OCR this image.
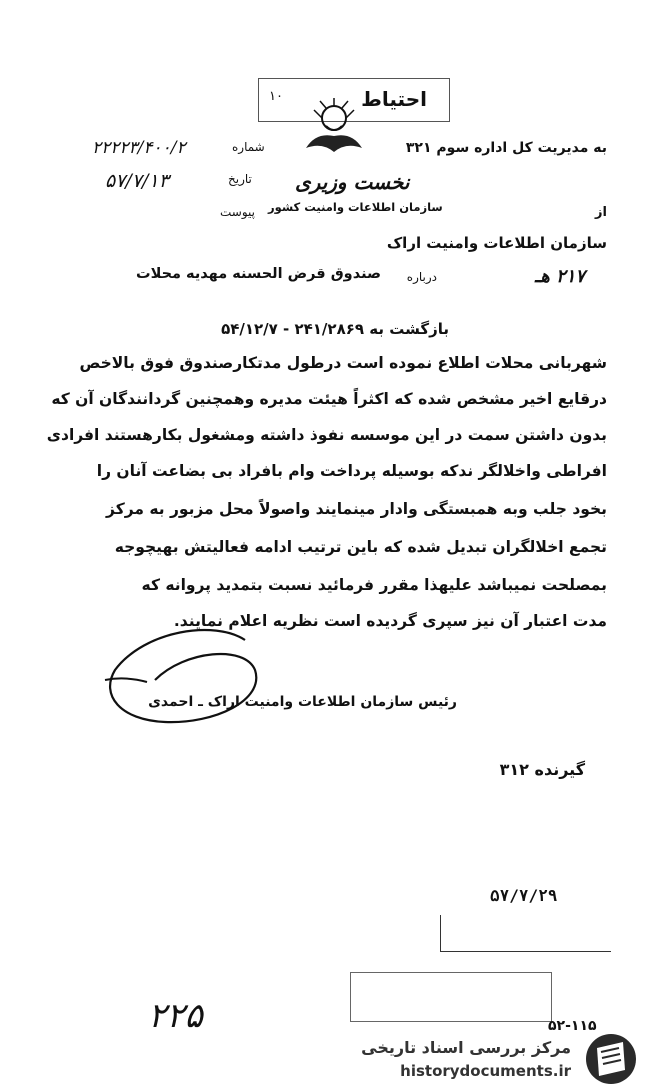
احتیاط
۱۰
به مدیریت کل اداره سوم ۳۲۱
نخست وزیری
سازمان اطلاعات وامنیت کشور
شماره
۲۲۲۲۳/۴۰۰/۲
تاریخ
۵۷/۷/۱۳
پیوست	از
سازمان اطلاعات وامنیت اراک
۲۱۷ هـ
درباره
صندوق قرض الحسنه مهدیه محلات
بازگشت به ۲۴۱/۲۸۶۹ - ۵۴/۱۲/۷
شهربانی محلات اطلاع نموده است درطول مدتکارصندوق فوق بالاخص
درقایع اخیر مشخص شده که اکثراً هیئت مدیره وهمچنین گردانندگان آن که
بدون داشتن سمت در این موسسه نفوذ داشته ومشغول بکارهستند افرادی
افراطی واخلالگر ندکه بوسیله پرداخت وام بافراد بی بضاعت آنان را
بخود جلب وبه همبستگی وادار مینمایند واصولاً محل مزبور به مرکز
تجمع اخلالگران تبدیل شده که باین ترتیب ادامه فعالیتش بهیچوجه
بمصلحت نمیباشد علیهذا مقرر فرمائید نسبت بتمدید پروانه که
مدت اعتبار آن نیز سپری گردیده است نظریه اعلام نمایند.
رئیس سازمان اطلاعات وامنیت اراک ـ احمدی
گیرنده ۳۱۲
۵۷/۷/۲۹
۲۲۵	۵۲-۱۱۵
مرکز بررسی اسناد تاریخی
historydocuments.ir
